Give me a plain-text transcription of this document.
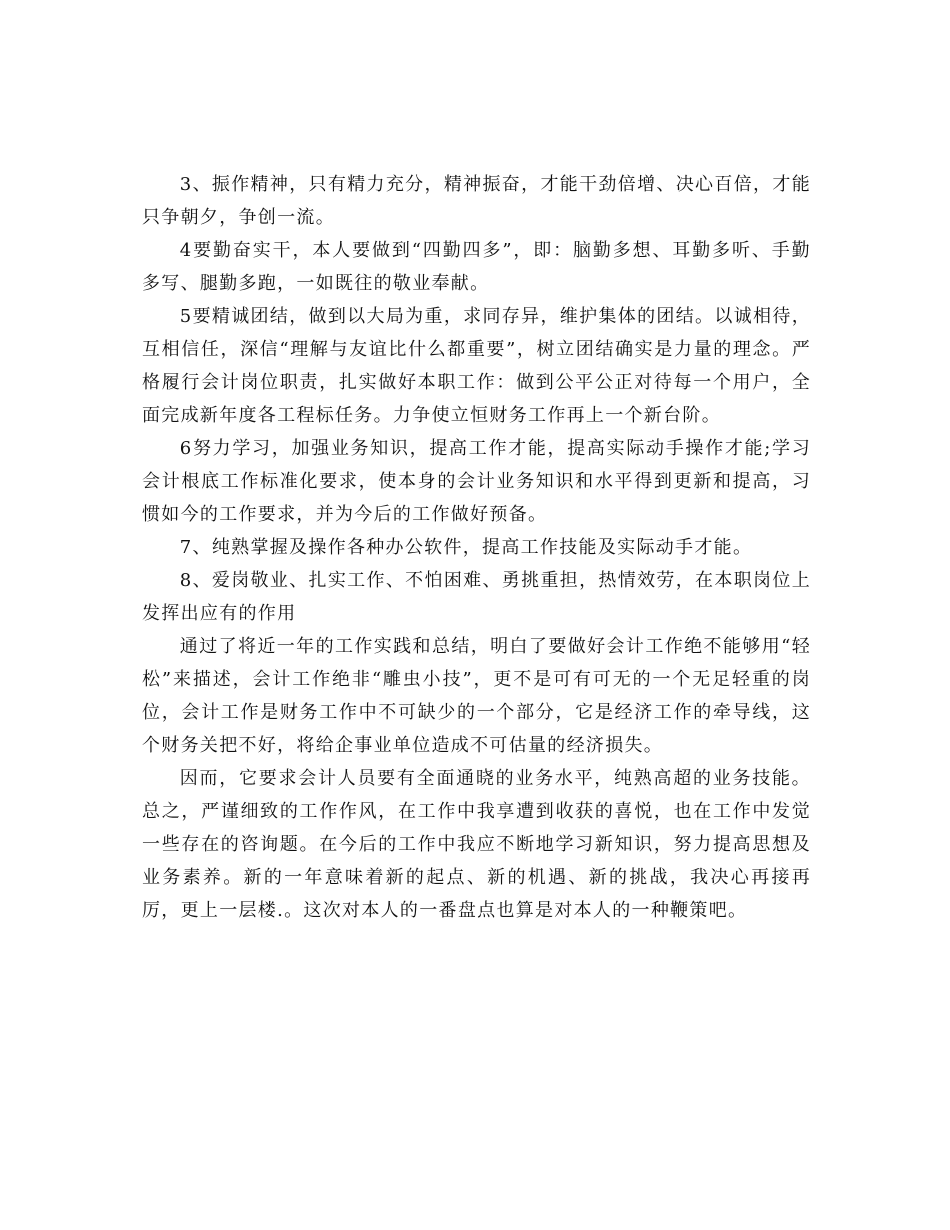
3、振作精神，只有精力充分，精神振奋，才能干劲倍增、决心百倍，才能只争朝夕，争创一流。

4要勤奋实干，本人要做到“四勤四多”，即：脑勤多想、耳勤多听、手勤多写、腿勤多跑，一如既往的敬业奉献。

5要精诚团结，做到以大局为重，求同存异，维护集体的团结。以诚相待，互相信任，深信“理解与友谊比什么都重要”，树立团结确实是力量的理念。严格履行会计岗位职责，扎实做好本职工作：做到公平公正对待每一个用户，全面完成新年度各工程标任务。力争使立恒财务工作再上一个新台阶。

6努力学习，加强业务知识，提高工作才能，提高实际动手操作才能;学习会计根底工作标准化要求，使本身的会计业务知识和水平得到更新和提高，习惯如今的工作要求，并为今后的工作做好预备。

7、纯熟掌握及操作各种办公软件，提高工作技能及实际动手才能。

8、爱岗敬业、扎实工作、不怕困难、勇挑重担，热情效劳，在本职岗位上发挥出应有的作用

通过了将近一年的工作实践和总结，明白了要做好会计工作绝不能够用“轻松”来描述，会计工作绝非“雕虫小技”，更不是可有可无的一个无足轻重的岗位，会计工作是财务工作中不可缺少的一个部分，它是经济工作的牵导线，这个财务关把不好，将给企事业单位造成不可估量的经济损失。

因而，它要求会计人员要有全面通晓的业务水平，纯熟高超的业务技能。总之，严谨细致的工作作风，在工作中我享遭到收获的喜悦，也在工作中发觉一些存在的咨询题。在今后的工作中我应不断地学习新知识，努力提高思想及业务素养。新的一年意味着新的起点、新的机遇、新的挑战，我决心再接再厉，更上一层楼.。这次对本人的一番盘点也算是对本人的一种鞭策吧。
